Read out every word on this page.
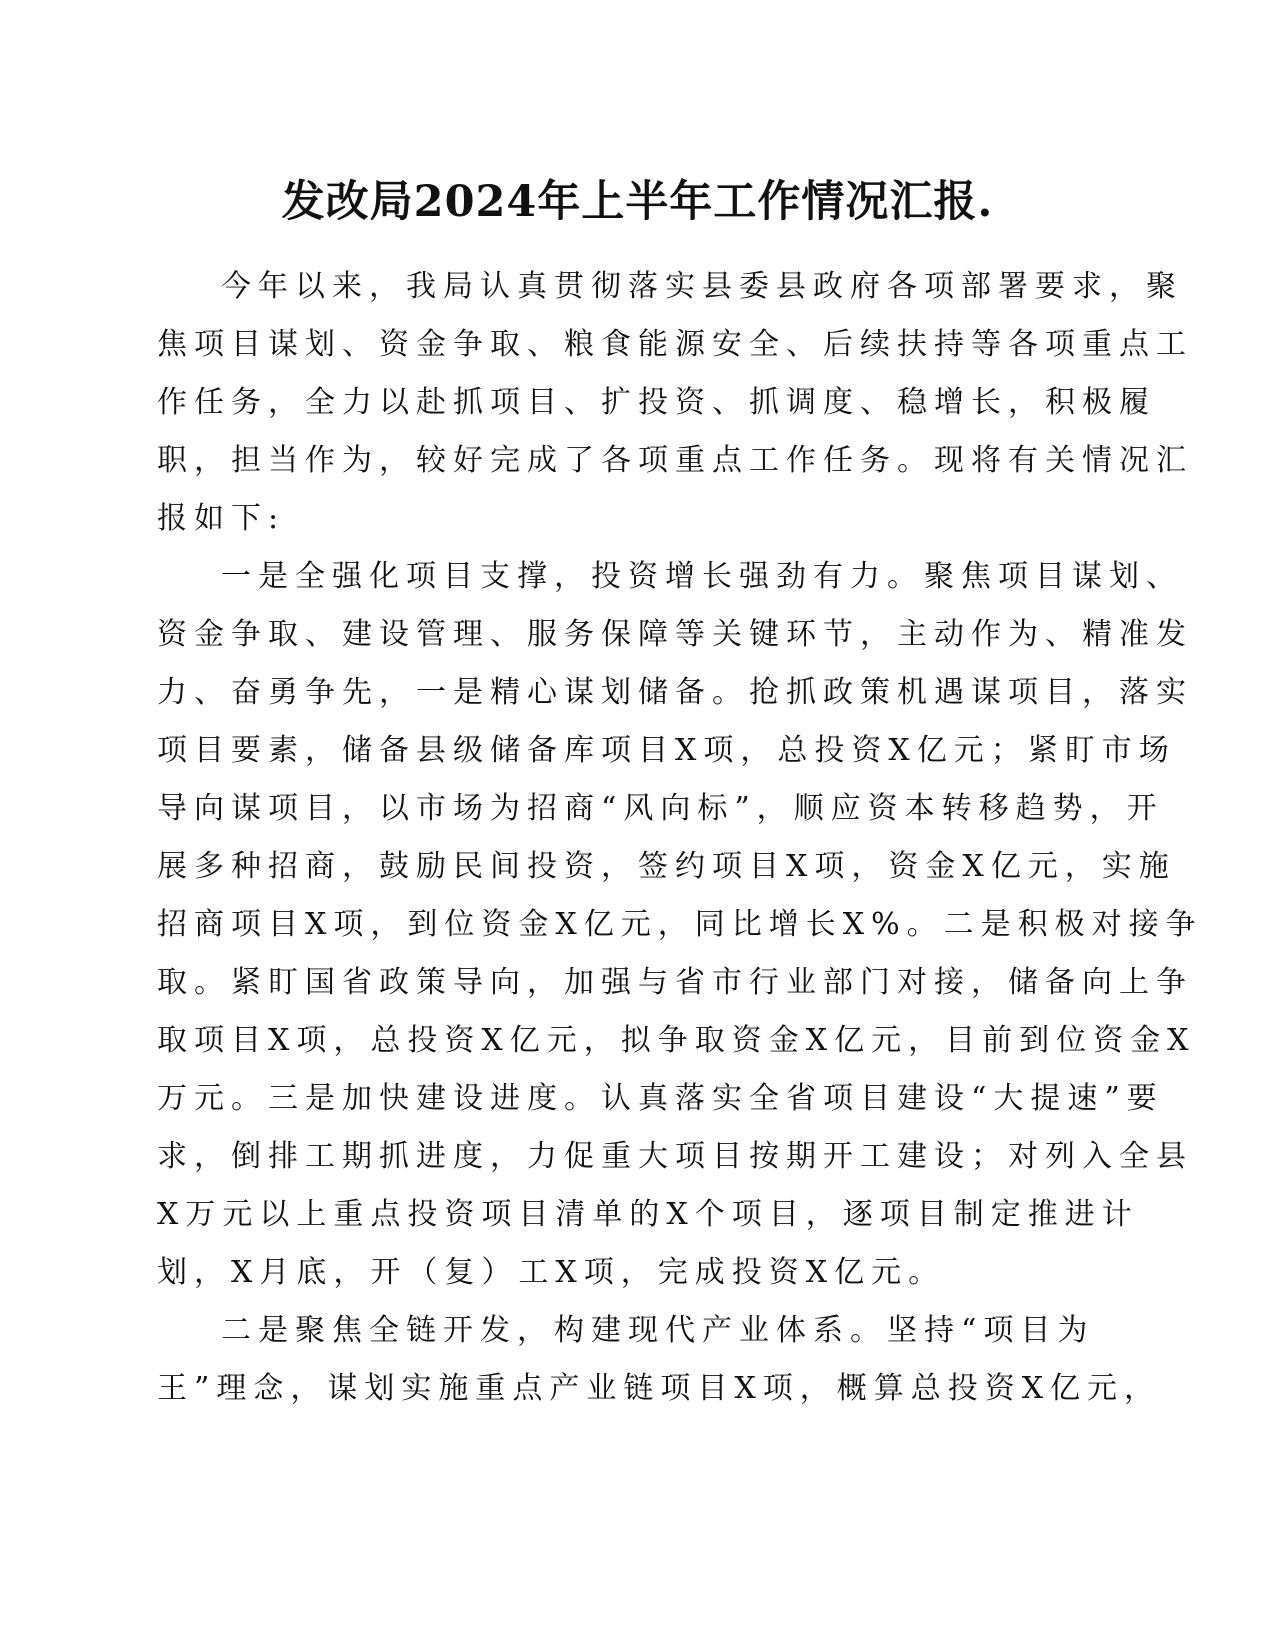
发改局2024年上半年工作情况汇报.
今年以来，我局认真贯彻落实县委县政府各项部署要求，聚
焦项目谋划、资金争取、粮食能源安全、后续扶持等各项重点工
作任务，全力以赴抓项目、扩投资、抓调度、稳增长，积极履
职，担当作为，较好完成了各项重点工作任务。现将有关情况汇
报如下:
一是全强化项目支撑，投资增长强劲有力。聚焦项目谋划、
资金争取、建设管理、服务保障等关键环节，主动作为、精准发
力、奋勇争先，一是精心谋划储备。抢抓政策机遇谋项目，落实
项目要素，储备县级储备库项目X项，总投资X亿元；紧盯市场
导向谋项目，以市场为招商“风向标”，顺应资本转移趋势，开
展多种招商，鼓励民间投资，签约项目X项，资金X亿元，实施
招商项目X项，到位资金X亿元，同比增长X%。二是积极对接争
取。紧盯国省政策导向，加强与省市行业部门对接，储备向上争
取项目X项，总投资X亿元，拟争取资金X亿元，目前到位资金X
万元。三是加快建设进度。认真落实全省项目建设“大提速”要
求，倒排工期抓进度，力促重大项目按期开工建设；对列入全县
X万元以上重点投资项目清单的X个项目，逐项目制定推进计
划，X月底，开（复）工X项，完成投资X亿元。
二是聚焦全链开发，构建现代产业体系。坚持“项目为
王”理念，谋划实施重点产业链项目X项，概算总投资X亿元，
